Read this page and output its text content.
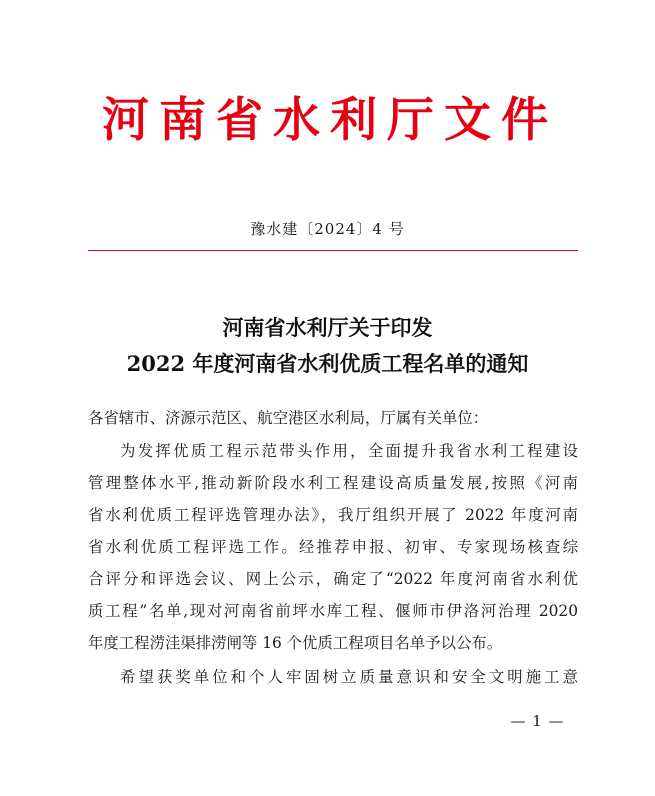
河南省水利厅文件
豫水建〔2024〕4 号
河南省水利厅关于印发
2022 年度河南省水利优质工程名单的通知
各省辖市、济源示范区、航空港区水利局，厅属有关单位：
为发挥优质工程示范带头作用，全面提升我省水利工程建设
管理整体水平,推动新阶段水利工程建设高质量发展,按照《河南
省水利优质工程评选管理办法》，我厅组织开展了 2022 年度河南
省水利优质工程评选工作。经推荐申报、初审、专家现场核查综
合评分和评选会议、网上公示，确定了“2022 年度河南省水利优
质工程”名单,现对河南省前坪水库工程、偃师市伊洛河治理 2020
年度工程涝洼渠排涝闸等 16 个优质工程项目名单予以公布。
希望获奖单位和个人牢固树立质量意识和安全文明施工意
— 1 —
